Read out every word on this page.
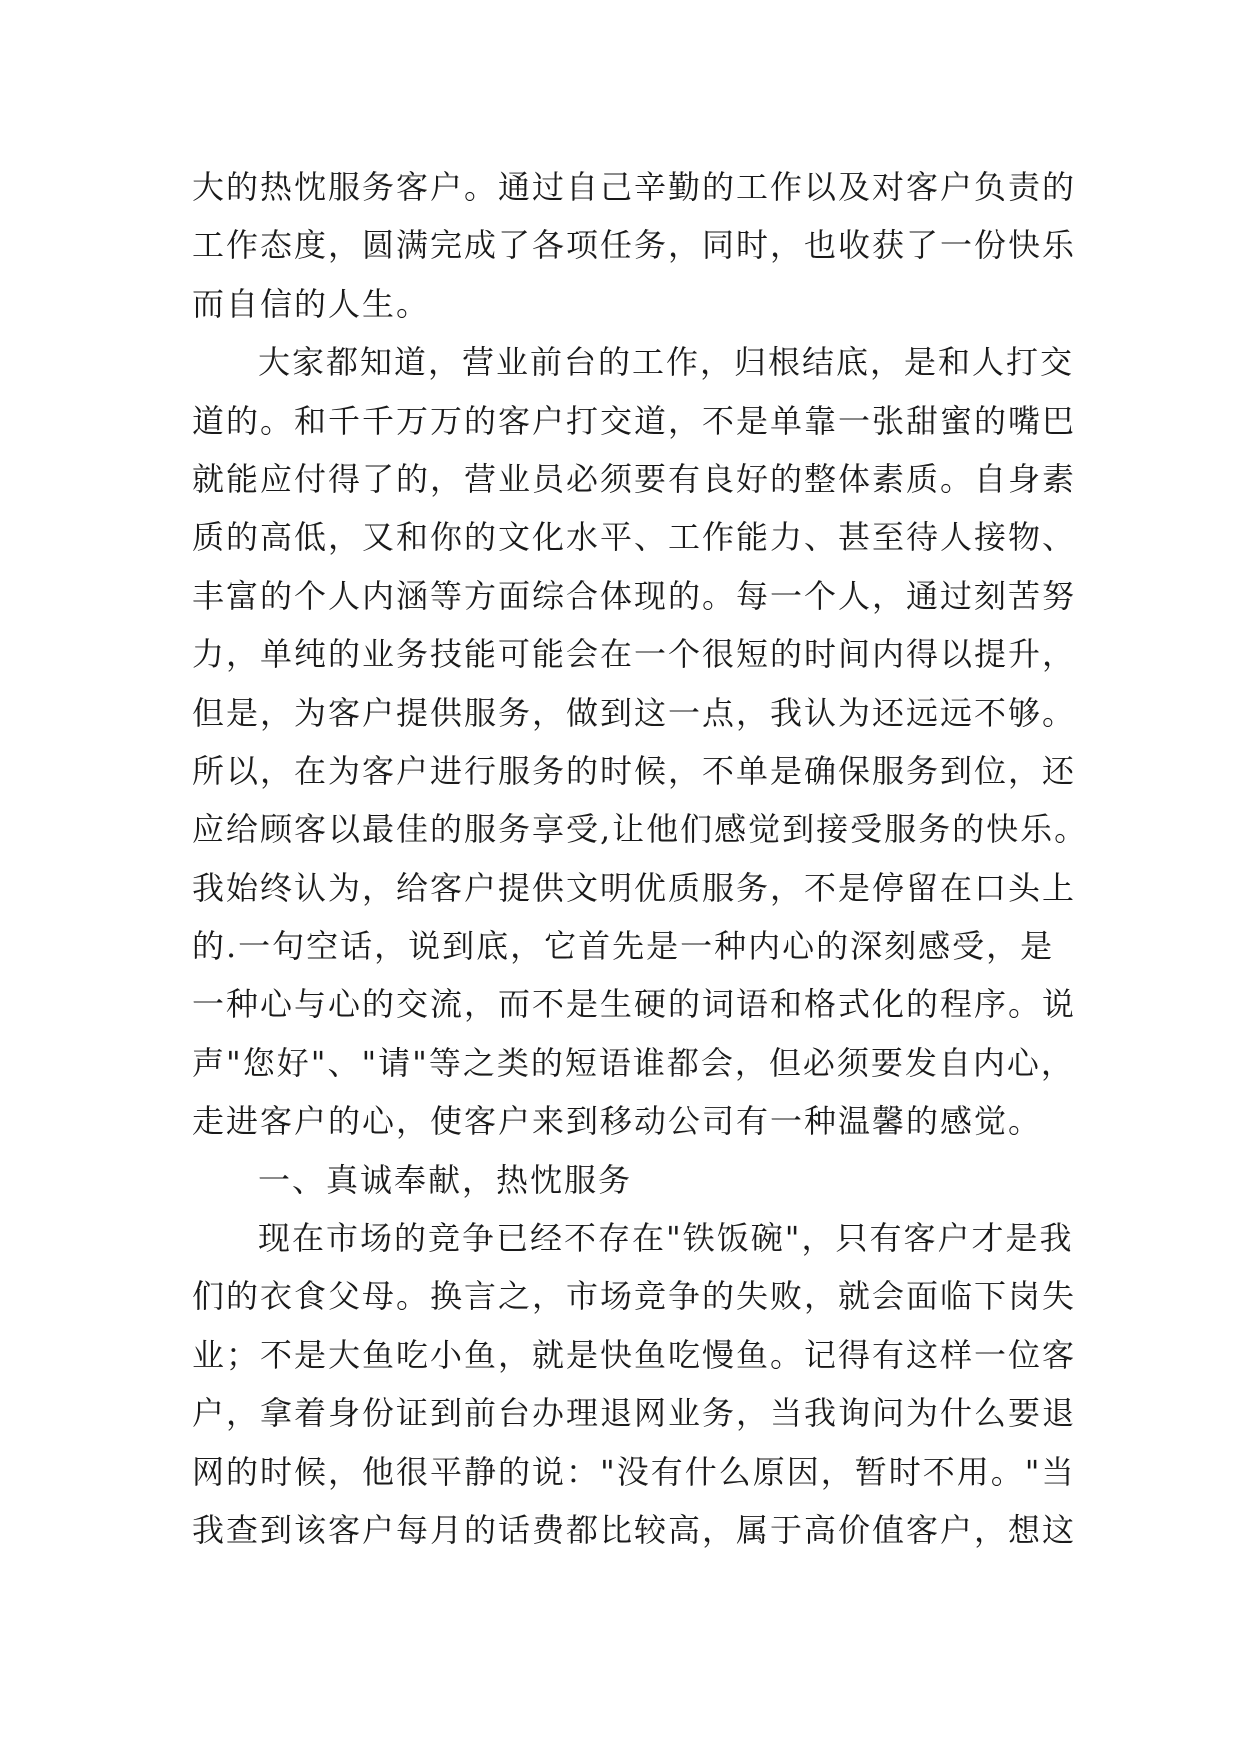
大的热忱服务客户。通过自己辛勤的工作以及对客户负责的
工作态度，圆满完成了各项任务，同时，也收获了一份快乐
而自信的人生。
大家都知道，营业前台的工作，归根结底，是和人打交
道的。和千千万万的客户打交道，不是单靠一张甜蜜的嘴巴
就能应付得了的，营业员必须要有良好的整体素质。自身素
质的高低，又和你的文化水平、工作能力、甚至待人接物、
丰富的个人内涵等方面综合体现的。每一个人，通过刻苦努
力，单纯的业务技能可能会在一个很短的时间内得以提升，
但是，为客户提供服务，做到这一点，我认为还远远不够。
所以，在为客户进行服务的时候，不单是确保服务到位，还
应给顾客以最佳的服务享受,让他们感觉到接受服务的快乐。
我始终认为，给客户提供文明优质服务，不是停留在口头上
的.一句空话，说到底，它首先是一种内心的深刻感受，是
一种心与心的交流，而不是生硬的词语和格式化的程序。说
声"您好"、"请"等之类的短语谁都会，但必须要发自内心，
走进客户的心，使客户来到移动公司有一种温馨的感觉。
一、真诚奉献，热忱服务
现在市场的竞争已经不存在"铁饭碗"，只有客户才是我
们的衣食父母。换言之，市场竞争的失败，就会面临下岗失
业；不是大鱼吃小鱼，就是快鱼吃慢鱼。记得有这样一位客
户，拿着身份证到前台办理退网业务，当我询问为什么要退
网的时候，他很平静的说："没有什么原因，暂时不用。"当
我查到该客户每月的话费都比较高，属于高价值客户，想这
